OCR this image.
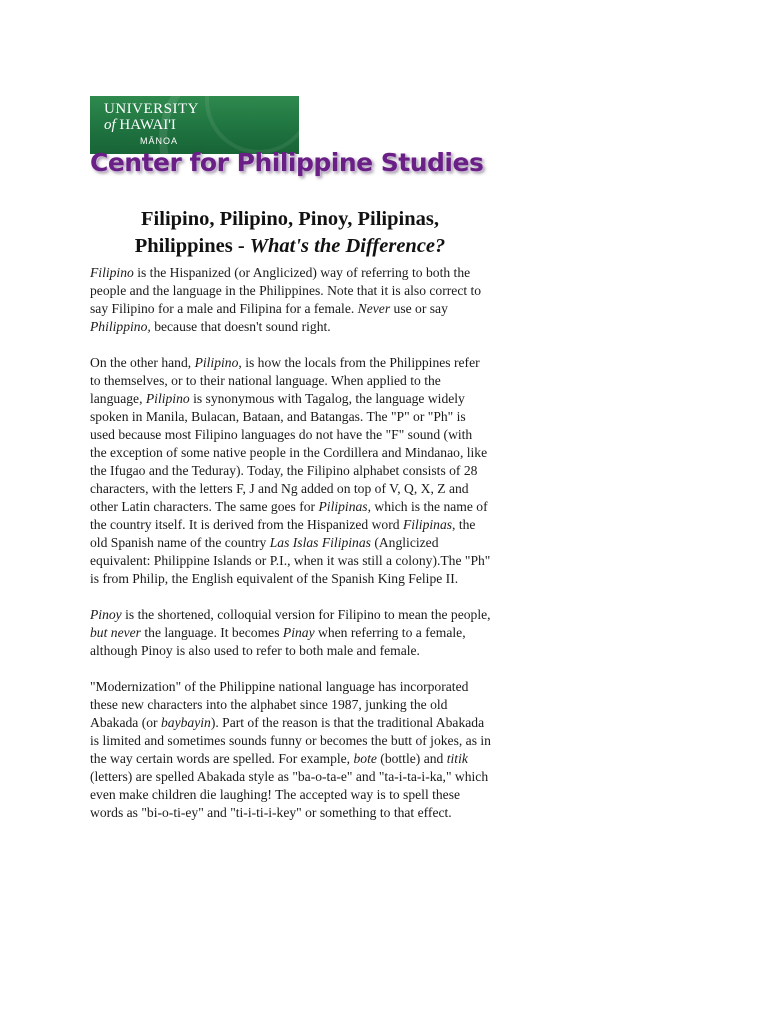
UNIVERSITY
of HAWAI'I
MĀNOA
Center for Philippine Studies
Filipino, Pilipino, Pinoy, Pilipinas,
Philippines - What's the Difference?

Filipino is the Hispanized (or Anglicized) way of referring to both the people and the language in the Philippines. Note that it is also correct to say Filipino for a male and Filipina for a female. Never use or say Philippino, because that doesn't sound right.

On the other hand, Pilipino, is how the locals from the Philippines refer to themselves, or to their national language. When applied to the language, Pilipino is synonymous with Tagalog, the language widely spoken in Manila, Bulacan, Bataan, and Batangas. The "P" or "Ph" is used because most Filipino languages do not have the "F" sound (with the exception of some native people in the Cordillera and Mindanao, like the Ifugao and the Teduray). Today, the Filipino alphabet consists of 28 characters, with the letters F, J and Ng added on top of V, Q, X, Z and other Latin characters. The same goes for Pilipinas, which is the name of the country itself. It is derived from the Hispanized word Filipinas, the old Spanish name of the country Las Islas Filipinas (Anglicized equivalent: Philippine Islands or P.I., when it was still a colony).The "Ph" is from Philip, the English equivalent of the Spanish King Felipe II.

Pinoy is the shortened, colloquial version for Filipino to mean the people, but never the language. It becomes Pinay when referring to a female, although Pinoy is also used to refer to both male and female.

"Modernization" of the Philippine national language has incorporated these new characters into the alphabet since 1987, junking the old Abakada (or baybayin). Part of the reason is that the traditional Abakada is limited and sometimes sounds funny or becomes the butt of jokes, as in the way certain words are spelled. For example, bote (bottle) and titik (letters) are spelled Abakada style as "ba-o-ta-e" and "ta-i-ta-i-ka," which even make children die laughing! The accepted way is to spell these words as "bi-o-ti-ey" and "ti-i-ti-i-key" or something to that effect.
